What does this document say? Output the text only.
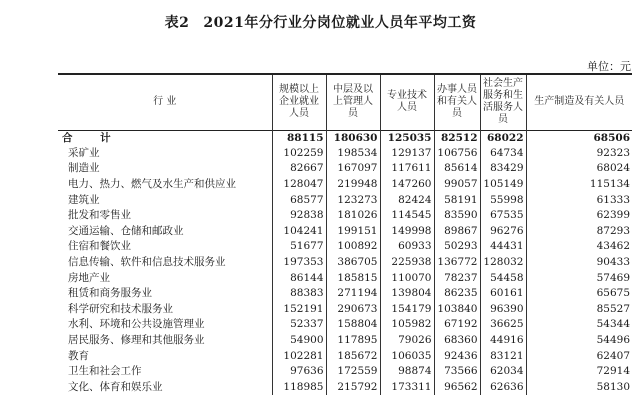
表2 2021年分行业分岗位就业人员年平均工资
单位：元
行 业	规模以上企业就业人员	中层及以上管理人员	专业技术人员	办事人员和有关人员	社会生产服务和生活服务人员	生产制造及有关人员
合 计	88115	180630	125035	82512	68022	68506
采矿业	102259	198534	129137	106756	64734	92323
制造业	82667	167097	117611	85614	83429	68024
电力、热力、燃气及水生产和供应业	128047	219948	147260	99057	105149	115134
建筑业	68577	123273	82424	58191	55998	61333
批发和零售业	92838	181026	114545	83590	67535	62399
交通运输、仓储和邮政业	104241	199151	149998	89867	96276	87293
住宿和餐饮业	51677	100892	60933	50293	44431	43462
信息传输、软件和信息技术服务业	197353	386705	225938	136772	128032	90433
房地产业	86144	185815	110070	78237	54458	57469
租赁和商务服务业	88383	271194	139804	86235	60161	65675
科学研究和技术服务业	152191	290673	154179	103840	96390	85527
水利、环境和公共设施管理业	52337	158804	105982	67192	36625	54344
居民服务、修理和其他服务业	54900	117895	79026	68360	44916	54496
教育	102281	185672	106035	92436	83121	62407
卫生和社会工作	97636	172559	98874	73566	62034	72914
文化、体育和娱乐业	118985	215792	173311	96562	62636	58130
